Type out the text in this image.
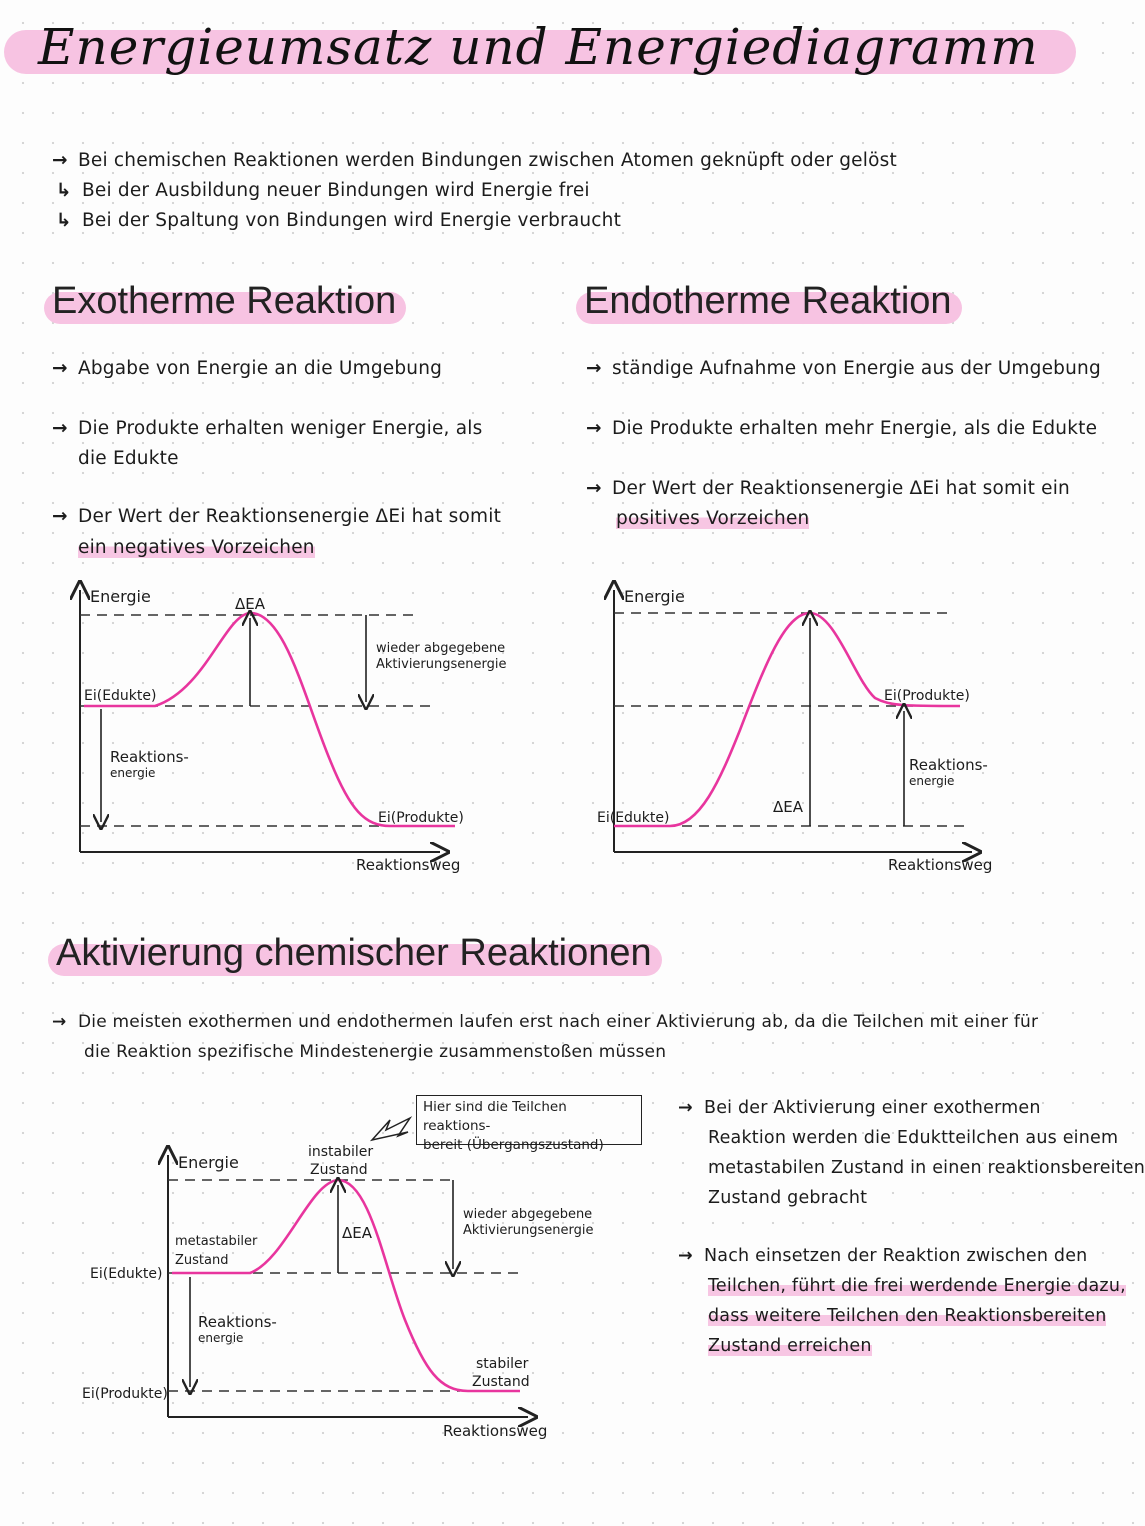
Energieumsatz und Energiediagramm
→ Bei chemischen Reaktionen werden Bindungen zwischen Atomen geknüpft oder gelöst
↳ Bei der Ausbildung neuer Bindungen wird Energie frei
↳ Bei der Spaltung von Bindungen wird Energie verbraucht
Exotherme Reaktion	Endotherme Reaktion
→ Abgabe von Energie an die Umgebung
→ Die Produkte erhalten weniger Energie, als
die Edukte
→ Der Wert der Reaktionsenergie ΔEi hat somit
ein negatives Vorzeichen
→ ständige Aufnahme von Energie aus der Umgebung
→ Die Produkte erhalten mehr Energie, als die Edukte
→ Der Wert der Reaktionsenergie ΔEi hat somit ein
positives Vorzeichen
Energie
Reaktionsweg
ΔEA
wieder abgegebene
Aktivierungsenergie
Reaktions-
energie
Ei(Edukte)
Ei(Produkte)
Energie
Reaktionsweg
ΔEA
Reaktions-
energie
Ei(Edukte)
Ei(Produkte)
Energie
Reaktionsweg
ΔEA
wieder abgegebene
Aktivierungsenergie
Reaktions-
energie
Ei(Edukte)
Ei(Produkte)
instabiler
Zustand
metastabiler
Zustand
stabiler
Zustand
Aktivierung chemischer Reaktionen
→ Die meisten exothermen und endothermen laufen erst nach einer Aktivierung ab, da die Teilchen mit einer für
die Reaktion spezifische Mindestenergie zusammenstoßen müssen
Hier sind die Teilchen reaktions-
bereit (Übergangszustand)
→ Bei der Aktivierung einer exothermen
Reaktion werden die Eduktteilchen aus einem
metastabilen Zustand in einen reaktionsbereiten
Zustand gebracht
→ Nach einsetzen der Reaktion zwischen den
Teilchen, führt die frei werdende Energie dazu,
dass weitere Teilchen den Reaktionsbereiten
Zustand erreichen
